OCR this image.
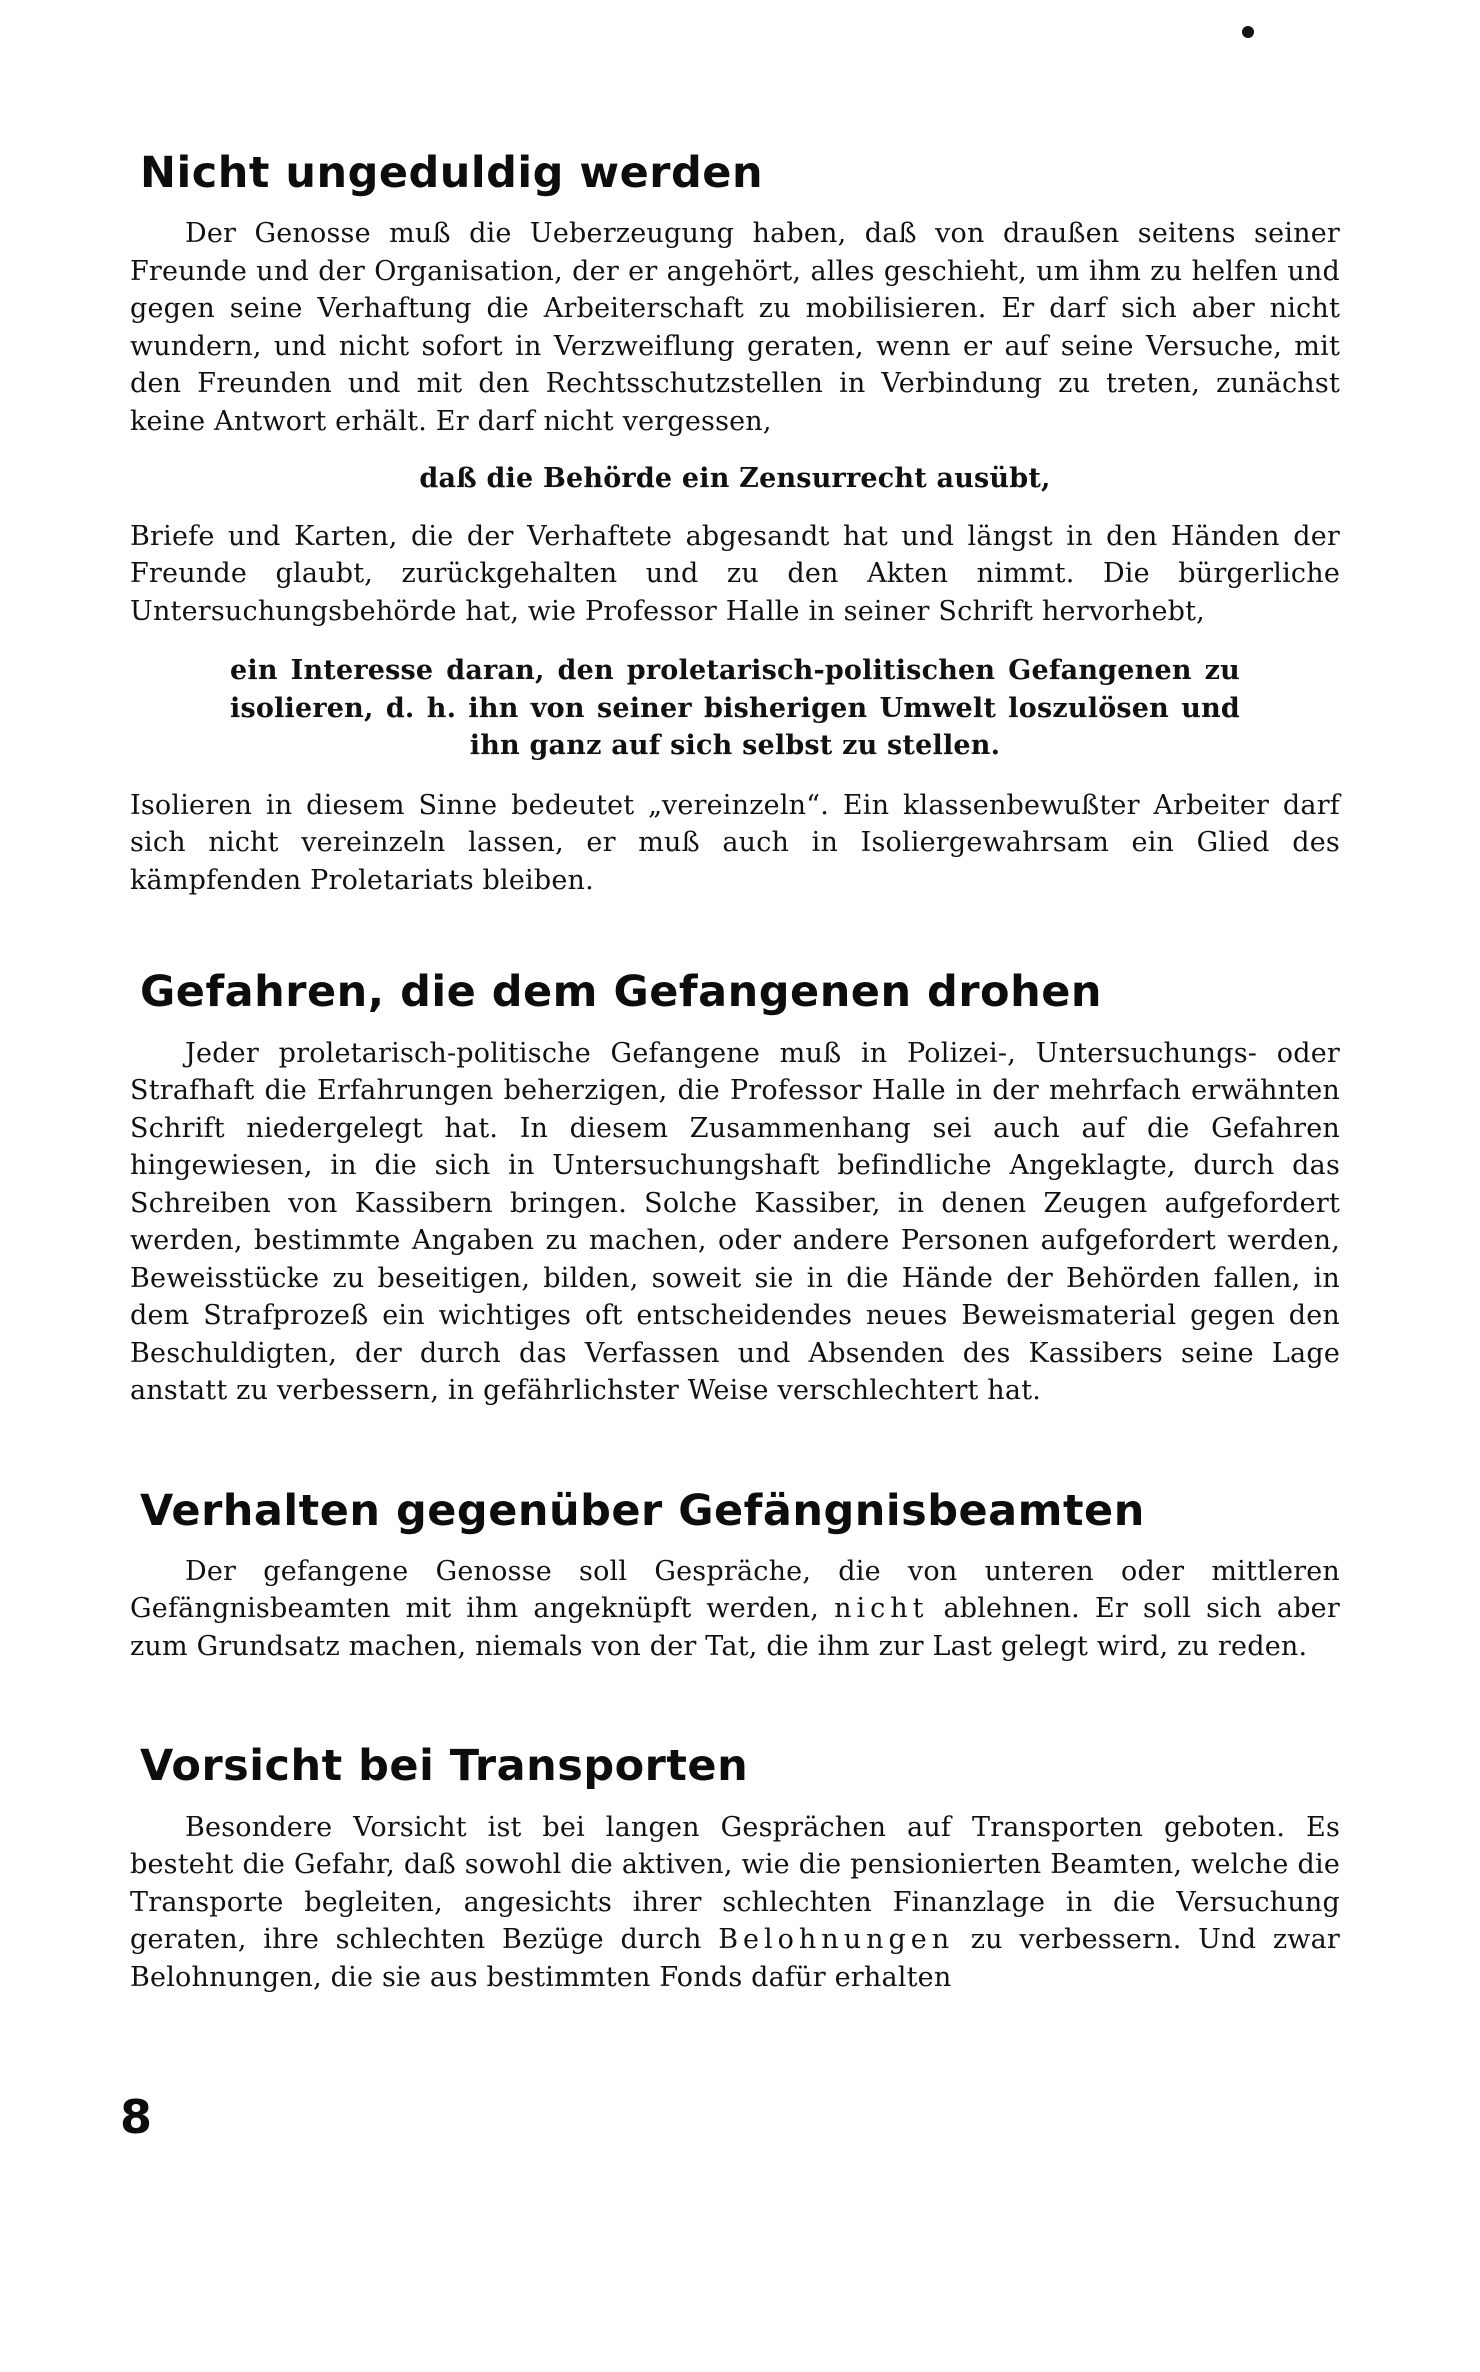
Nicht ungeduldig werden

Der Genosse muß die Ueberzeugung haben, daß von draußen seitens seiner Freunde und der Organisation, der er angehört, alles geschieht, um ihm zu helfen und gegen seine Verhaftung die Arbeiterschaft zu mobilisieren. Er darf sich aber nicht wundern, und nicht sofort in Verzweiflung geraten, wenn er auf seine Versuche, mit den Freunden und mit den Rechtsschutzstellen in Verbindung zu treten, zunächst keine Antwort erhält. Er darf nicht vergessen,

daß die Behörde ein Zensurrecht ausübt,

Briefe und Karten, die der Verhaftete abgesandt hat und längst in den Händen der Freunde glaubt, zurückgehalten und zu den Akten nimmt. Die bürgerliche Untersuchungsbehörde hat, wie Professor Halle in seiner Schrift hervorhebt,

ein Interesse daran, den proletarisch-politischen Gefangenen zu isolieren, d. h. ihn von seiner bisherigen Umwelt loszulösen und ihn ganz auf sich selbst zu stellen.

Isolieren in diesem Sinne bedeutet „vereinzeln“. Ein klassenbewußter Arbeiter darf sich nicht vereinzeln lassen, er muß auch in Isoliergewahrsam ein Glied des kämpfenden Proletariats bleiben.

Gefahren, die dem Gefangenen drohen

Jeder proletarisch-politische Gefangene muß in Polizei-, Untersuchungs- oder Strafhaft die Erfahrungen beherzigen, die Professor Halle in der mehrfach erwähnten Schrift niedergelegt hat. In diesem Zusammenhang sei auch auf die Gefahren hingewiesen, in die sich in Untersuchungshaft befindliche Angeklagte, durch das Schreiben von Kassibern bringen. Solche Kassiber, in denen Zeugen aufgefordert werden, bestimmte Angaben zu machen, oder andere Personen aufgefordert werden, Beweisstücke zu beseitigen, bilden, soweit sie in die Hände der Behörden fallen, in dem Strafprozeß ein wichtiges oft entscheidendes neues Beweismaterial gegen den Beschuldigten, der durch das Verfassen und Absenden des Kassibers seine Lage anstatt zu verbessern, in gefährlichster Weise verschlechtert hat.

Verhalten gegenüber Gefängnisbeamten

Der gefangene Genosse soll Gespräche, die von unteren oder mittleren Gefängnisbeamten mit ihm angeknüpft werden, nicht ablehnen. Er soll sich aber zum Grundsatz machen, niemals von der Tat, die ihm zur Last gelegt wird, zu reden.

Vorsicht bei Transporten

Besondere Vorsicht ist bei langen Gesprächen auf Transporten geboten. Es besteht die Gefahr, daß sowohl die aktiven, wie die pensionierten Beamten, welche die Transporte begleiten, angesichts ihrer schlechten Finanzlage in die Versuchung geraten, ihre schlechten Bezüge durch Belohnungen zu verbessern. Und zwar Belohnungen, die sie aus bestimmten Fonds dafür erhalten

8
